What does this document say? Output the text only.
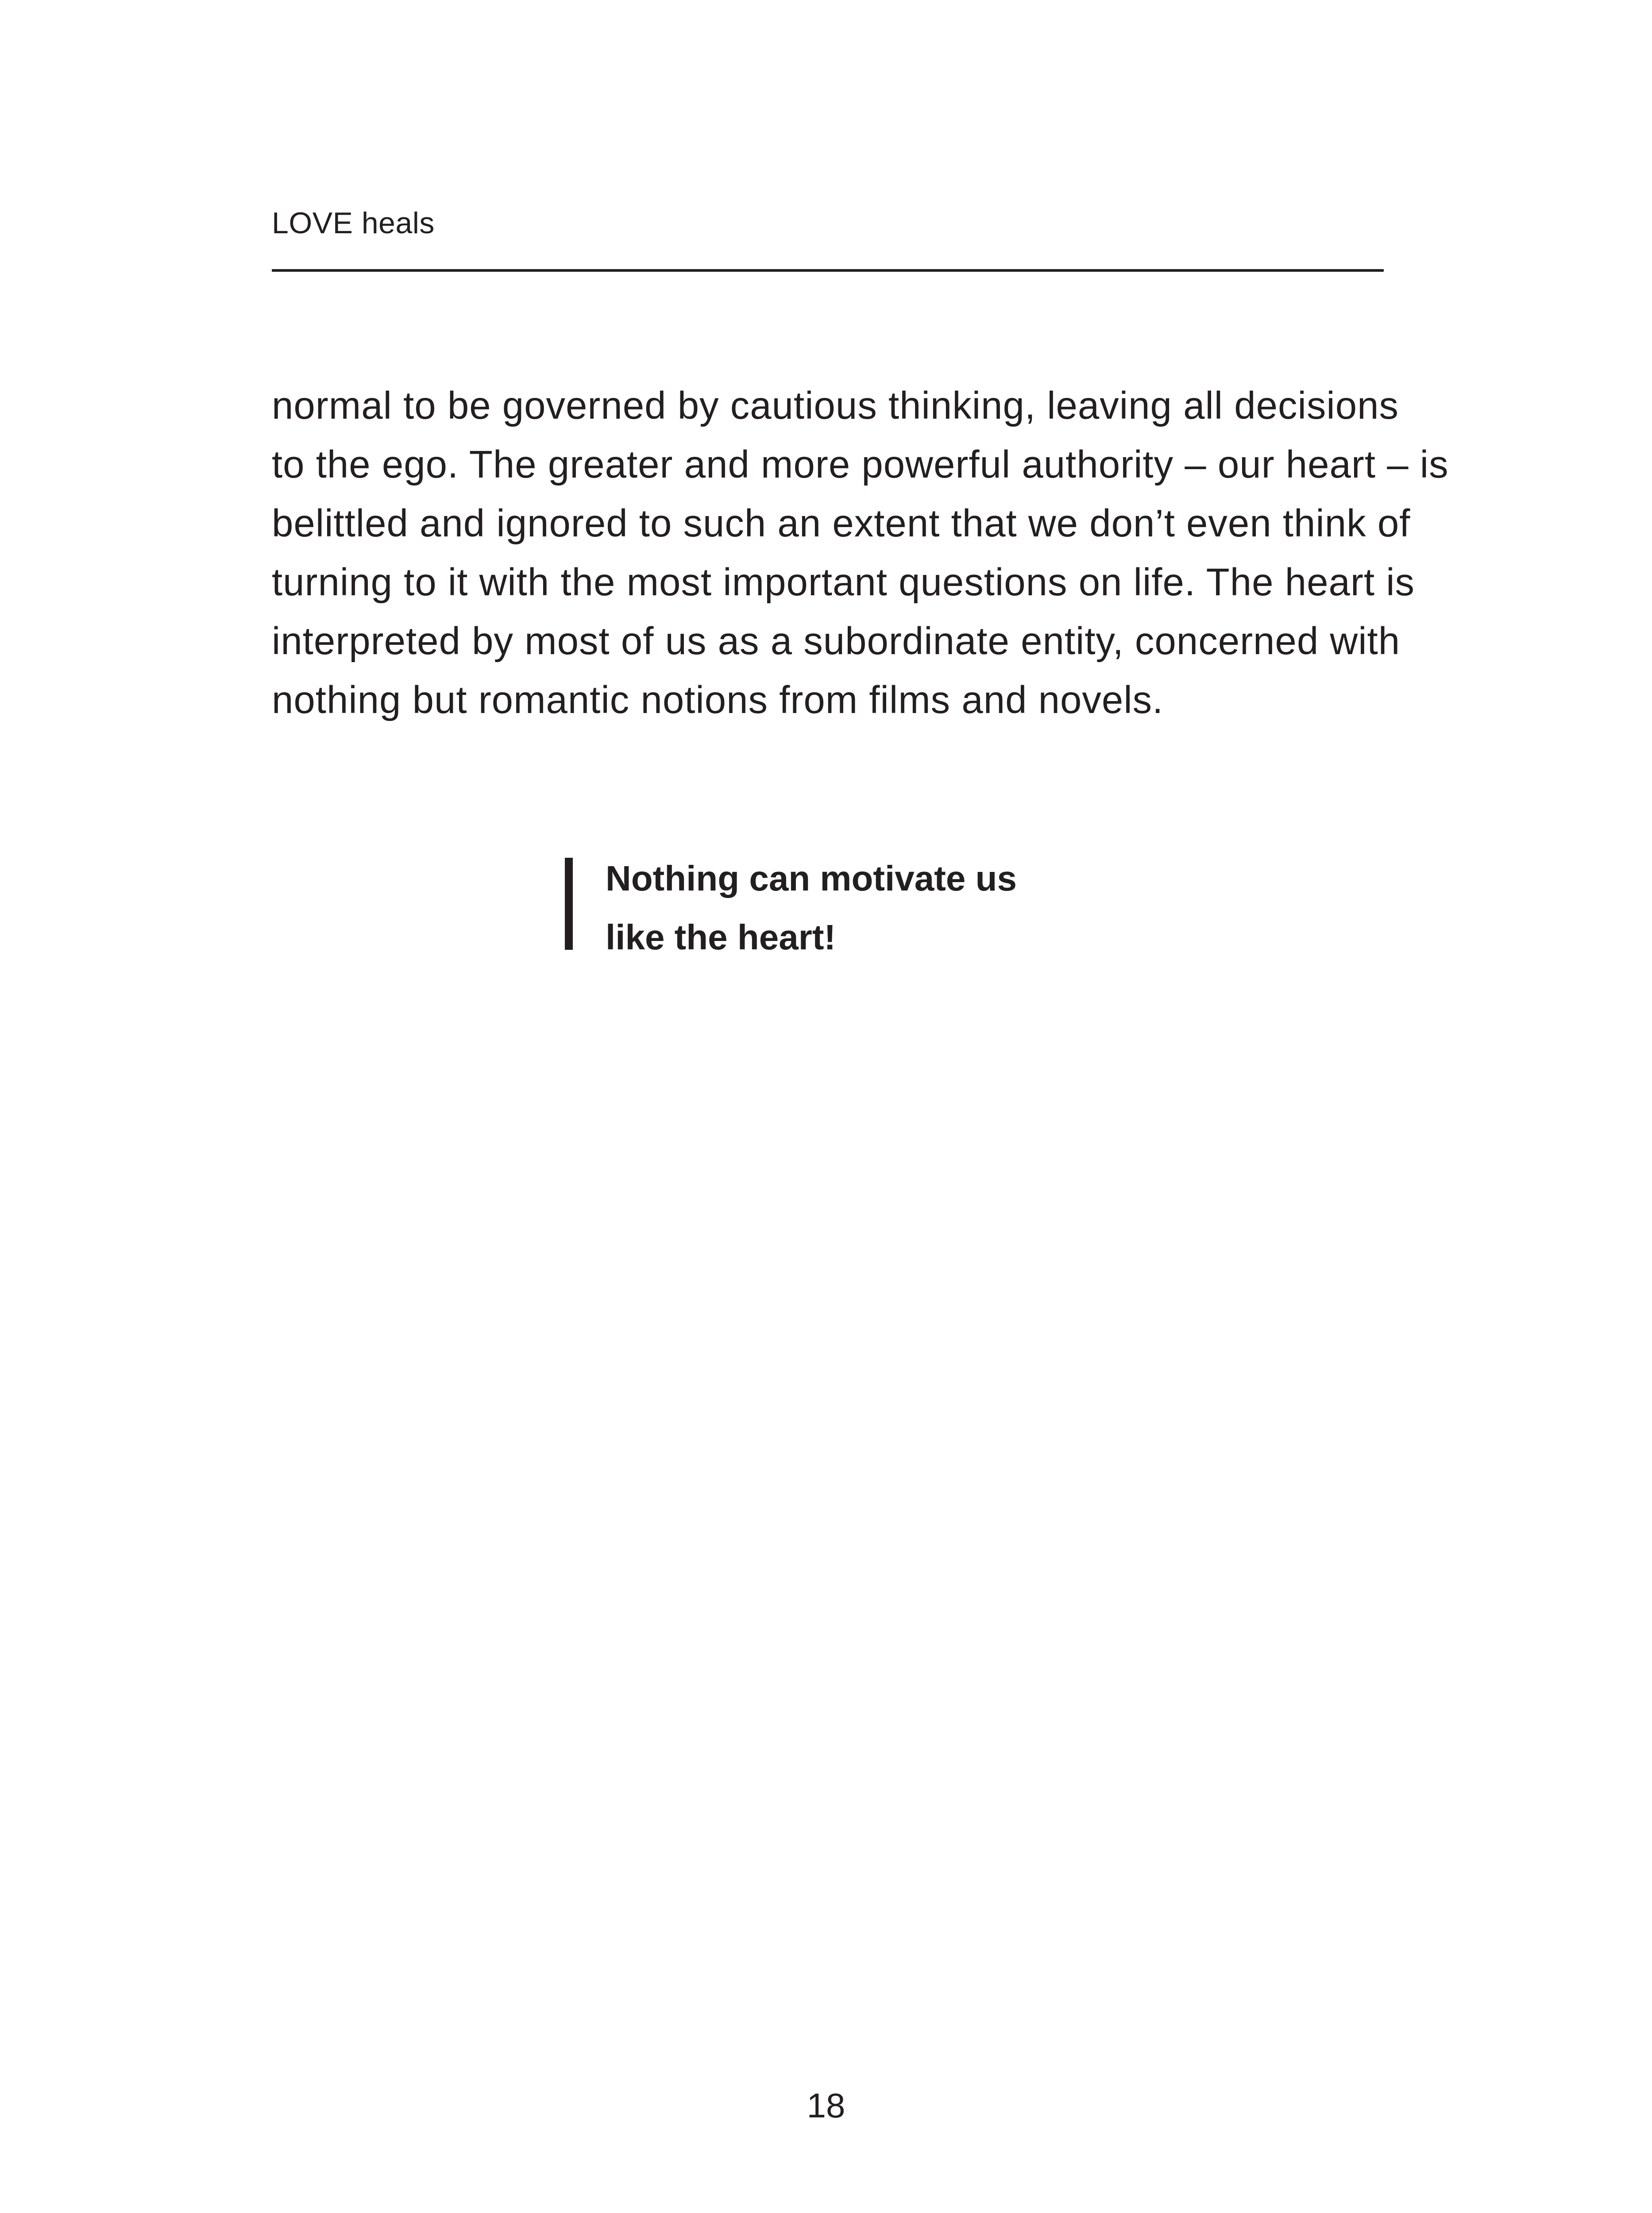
LOVE heals

normal to be governed by cautious thinking, leaving all decisions
to the ego. The greater and more powerful authority – our heart – is
belittled and ignored to such an extent that we don’t even think of
turning to it with the most important questions on life. The heart is
interpreted by most of us as a subordinate entity, concerned with
nothing but romantic notions from films and novels.

Nothing can motivate us
like the heart!

18
